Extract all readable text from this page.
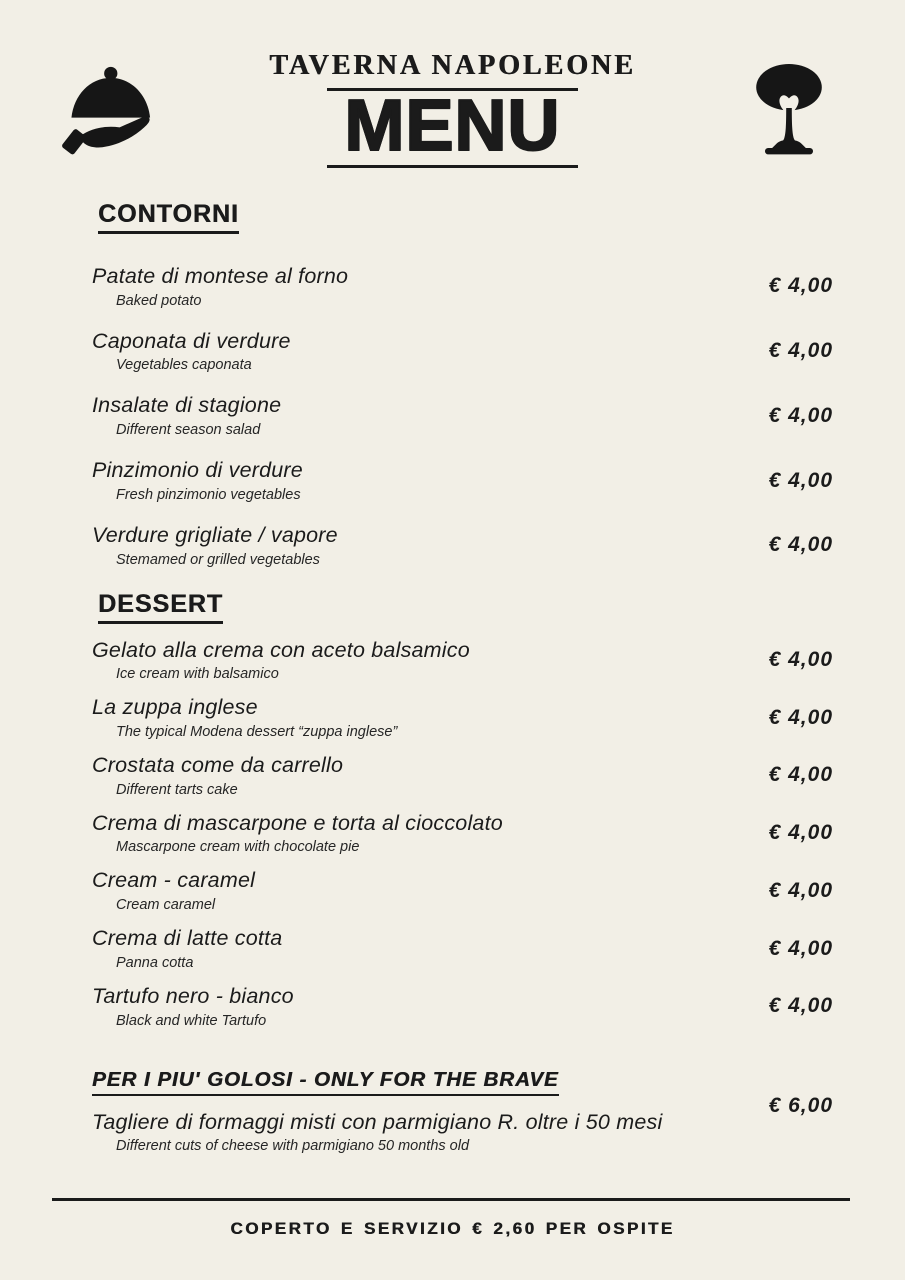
TAVERNA NAPOLEONE
MENU
CONTORNI
Patate di montese al forno
Baked potato
€ 4,00
Caponata di verdure
Vegetables caponata
€ 4,00
Insalate di stagione
Different season salad
€ 4,00
Pinzimonio di verdure
Fresh pinzimonio vegetables
€ 4,00
Verdure grigliate / vapore
Stemamed or grilled vegetables
€ 4,00
DESSERT
Gelato alla crema con aceto balsamico
Ice cream with balsamico
€ 4,00
La zuppa inglese
The typical Modena dessert “zuppa inglese”
€ 4,00
Crostata come da carrello
Different tarts cake
€ 4,00
Crema di mascarpone e torta al cioccolato
Mascarpone cream with chocolate pie
€ 4,00
Cream - caramel
Cream caramel
€ 4,00
Crema di latte cotta
Panna cotta
€ 4,00
Tartufo nero - bianco
Black and white Tartufo
€ 4,00
PER I PIU' GOLOSI - ONLY FOR THE BRAVE
Tagliere di formaggi misti con parmigiano R. oltre i 50 mesi
Different cuts of cheese with parmigiano 50 months old
€ 6,00
COPERTO E SERVIZIO € 2,60 PER OSPITE
